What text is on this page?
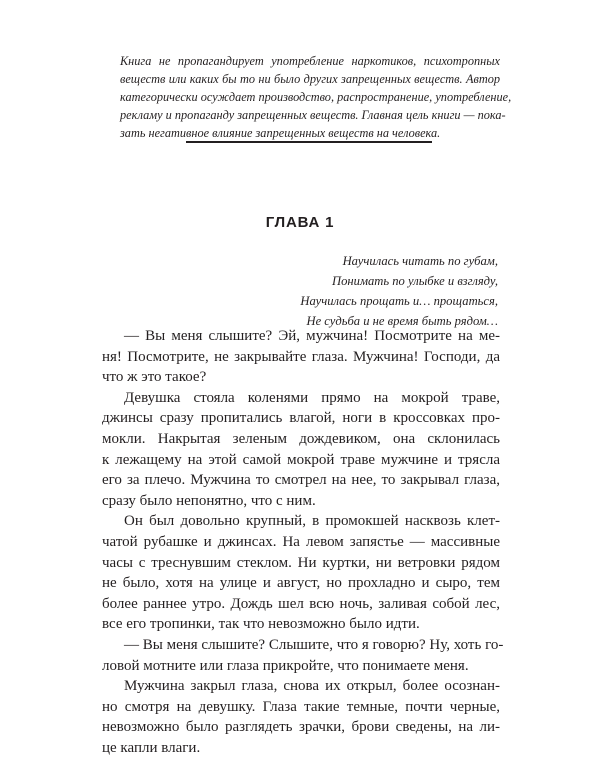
Книга не пропагандирует употребление наркотиков, психотропных
веществ или каких бы то ни было других запрещенных веществ. Автор
категорически осуждает производство, распространение, употребление,
рекламу и пропаганду запрещенных веществ. Главная цель книги — пока-
зать негативное влияние запрещенных веществ на человека.
ГЛАВА 1
Научилась читать по губам,
Понимать по улыбке и взгляду,
Научилась прощать и… прощаться,
Не судьба и не время быть рядом…
— Вы меня слышите? Эй, мужчина! Посмотрите на ме-
ня! Посмотрите, не закрывайте глаза. Мужчина! Господи, да
что ж это такое?
Девушка стояла коленями прямо на мокрой траве,
джинсы сразу пропитались влагой, ноги в кроссовках про-
мокли. Накрытая зеленым дождевиком, она склонилась
к лежащему на этой самой мокрой траве мужчине и трясла
его за плечо. Мужчина то смотрел на нее, то закрывал глаза,
сразу было непонятно, что с ним.
Он был довольно крупный, в промокшей насквозь клет-
чатой рубашке и джинсах. На левом запястье — массивные
часы с треснувшим стеклом. Ни куртки, ни ветровки рядом
не было, хотя на улице и август, но прохладно и сыро, тем
более раннее утро. Дождь шел всю ночь, заливая собой лес,
все его тропинки, так что невозможно было идти.
— Вы меня слышите? Слышите, что я говорю? Ну, хоть го-
ловой мотните или глаза прикройте, что понимаете меня.
Мужчина закрыл глаза, снова их открыл, более осознан-
но смотря на девушку. Глаза такие темные, почти черные,
невозможно было разглядеть зрачки, брови сведены, на ли-
це капли влаги.
